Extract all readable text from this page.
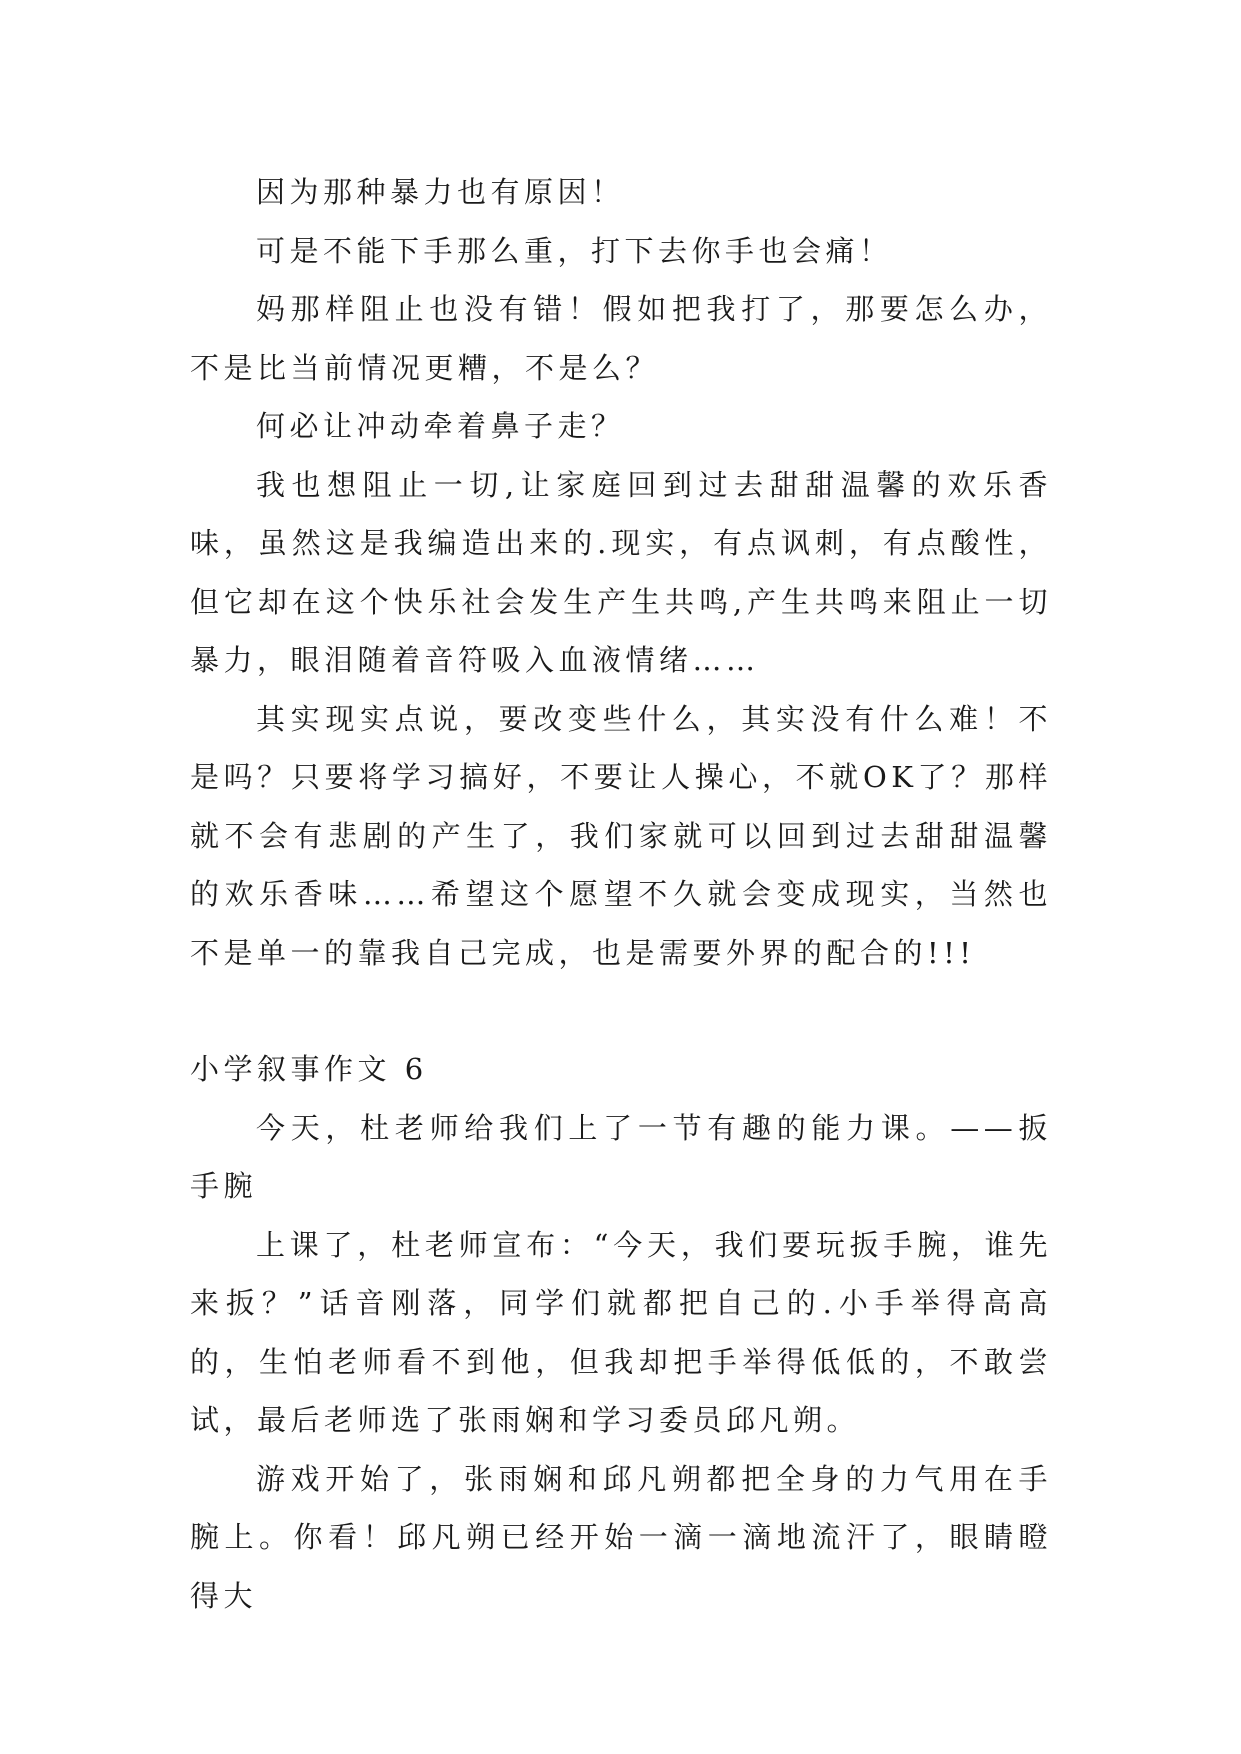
因为那种暴力也有原因！

可是不能下手那么重，打下去你手也会痛！

妈那样阻止也没有错！假如把我打了，那要怎么办，不是比当前情况更糟，不是么？

何必让冲动牵着鼻子走？

我也想阻止一切,让家庭回到过去甜甜温馨的欢乐香味，虽然这是我编造出来的.现实，有点讽刺，有点酸性，但它却在这个快乐社会发生产生共鸣,产生共鸣来阻止一切暴力，眼泪随着音符吸入血液情绪……

其实现实点说，要改变些什么，其实没有什么难！不是吗？只要将学习搞好，不要让人操心，不就OK了？那样就不会有悲剧的产生了，我们家就可以回到过去甜甜温馨的欢乐香味……希望这个愿望不久就会变成现实，当然也不是单一的靠我自己完成，也是需要外界的配合的!!!

小学叙事作文 6

今天，杜老师给我们上了一节有趣的能力课。——扳手腕

上课了，杜老师宣布：“今天，我们要玩扳手腕，谁先来扳？”话音刚落，同学们就都把自己的.小手举得高高的，生怕老师看不到他，但我却把手举得低低的，不敢尝试，最后老师选了张雨娴和学习委员邱凡朔。

游戏开始了，张雨娴和邱凡朔都把全身的力气用在手腕上。你看！邱凡朔已经开始一滴一滴地流汗了，眼睛瞪得大
